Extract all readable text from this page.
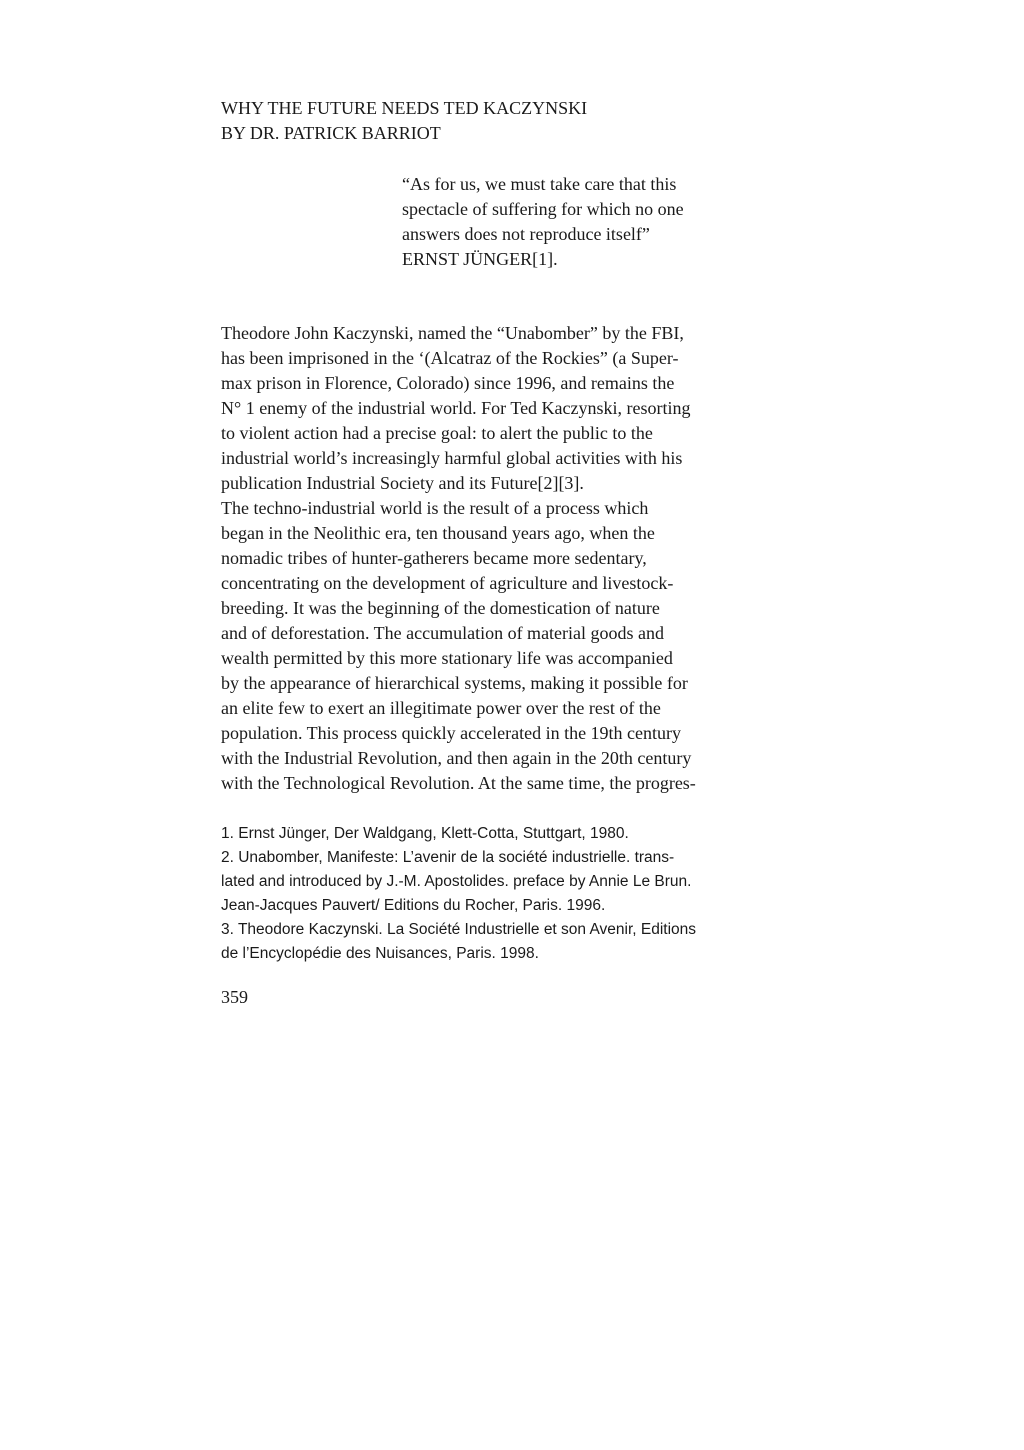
WHY THE FUTURE NEEDS TED KACZYNSKI
BY DR. PATRICK BARRIOT
“As for us, we must take care that this
spectacle of suffering for which no one
answers does not reproduce itself”
ERNST JÜNGER[1].
Theodore John Kaczynski, named the “Unabomber” by the FBI,
has been imprisoned in the ‘(Alcatraz of the Rockies” (a Super-
max prison in Florence, Colorado) since 1996, and remains the
N° 1 enemy of the industrial world. For Ted Kaczynski, resorting
to violent action had a precise goal: to alert the public to the
industrial world’s increasingly harmful global activities with his
publication Industrial Society and its Future[2][3].
The techno-industrial world is the result of a process which
began in the Neolithic era, ten thousand years ago, when the
nomadic tribes of hunter-gatherers became more sedentary,
concentrating on the development of agriculture and livestock-
breeding. It was the beginning of the domestication of nature
and of deforestation. The accumulation of material goods and
wealth permitted by this more stationary life was accompanied
by the appearance of hierarchical systems, making it possible for
an elite few to exert an illegitimate power over the rest of the
population. This process quickly accelerated in the 19th century
with the Industrial Revolution, and then again in the 20th century
with the Technological Revolution. At the same time, the progres-
1. Ernst Jünger, Der Waldgang, Klett-Cotta, Stuttgart, 1980.
2. Unabomber, Manifeste: L’avenir de la société industrielle. trans-
lated and introduced by J.-M. Apostolides. preface by Annie Le Brun.
Jean-Jacques Pauvert/ Editions du Rocher, Paris. 1996.
3. Theodore Kaczynski. La Société Industrielle et son Avenir, Editions
de l’Encyclopédie des Nuisances, Paris. 1998.
359
